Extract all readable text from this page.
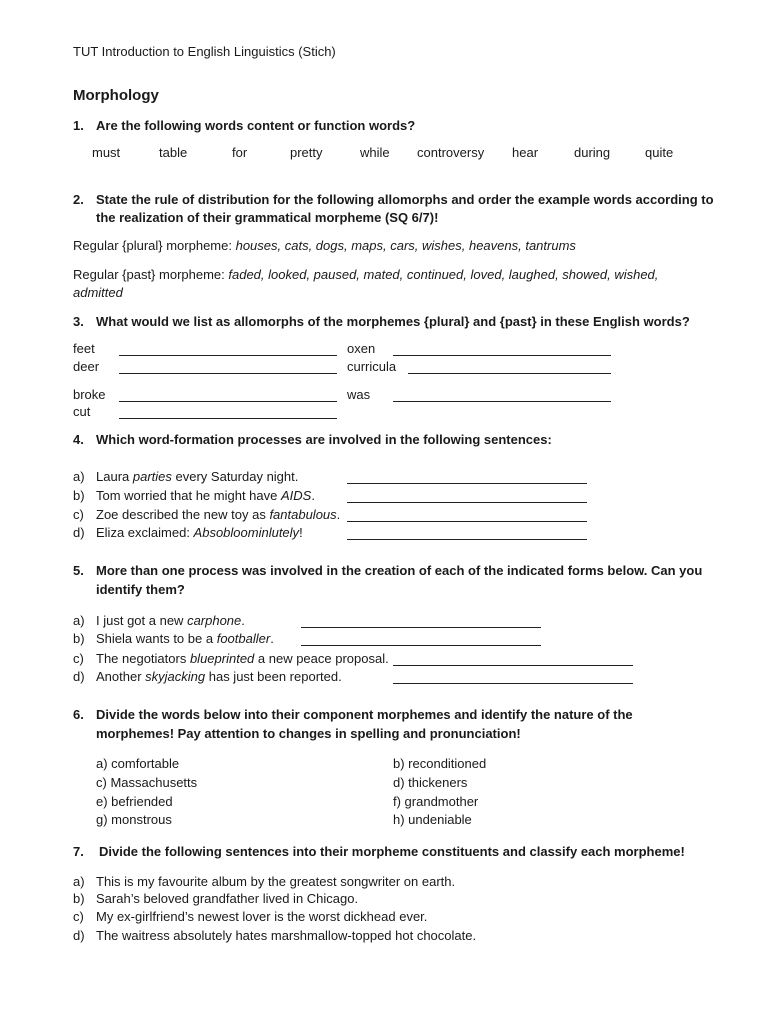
TUT Introduction to English Linguistics (Stich)
Morphology
1. Are the following words content or function words?
must	table	for	pretty	while controversy hear	during	quite
2. State the rule of distribution for the following allomorphs and order the example words according to
the realization of their grammatical morpheme (SQ 6/7)!
Regular {plural} morpheme: houses, cats, dogs, maps, cars, wishes, heavens, tantrums
Regular {past} morpheme: faded, looked, paused, mated, continued, loved, laughed, showed, wished,
admitted
3. What would we list as allomorphs of the morphemes {plural} and {past} in these English words?
feet	oxen
deer	curricula
broke	was
cut
4. Which word-formation processes are involved in the following sentences:
a) Laura parties every Saturday night.
b) Tom worried that he might have AIDS.
c) Zoe described the new toy as fantabulous.
d) Eliza exclaimed: Absobloominlutely!
5. More than one process was involved in the creation of each of the indicated forms below. Can you
identify them?
a) I just got a new carphone.
b) Shiela wants to be a footballer.
c) The negotiators blueprinted a new peace proposal.
d) Another skyjacking has just been reported.
6. Divide the words below into their component morphemes and identify the nature of the
morphemes! Pay attention to changes in spelling and pronunciation!
a) comfortable	b) reconditioned
c) Massachusetts	d) thickeners
e) befriended	f) grandmother
g) monstrous	h) undeniable
7. Divide the following sentences into their morpheme constituents and classify each morpheme!
a) This is my favourite album by the greatest songwriter on earth.
b) Sarah’s beloved grandfather lived in Chicago.
c) My ex-girlfriend’s newest lover is the worst dickhead ever.
d) The waitress absolutely hates marshmallow-topped hot chocolate.
